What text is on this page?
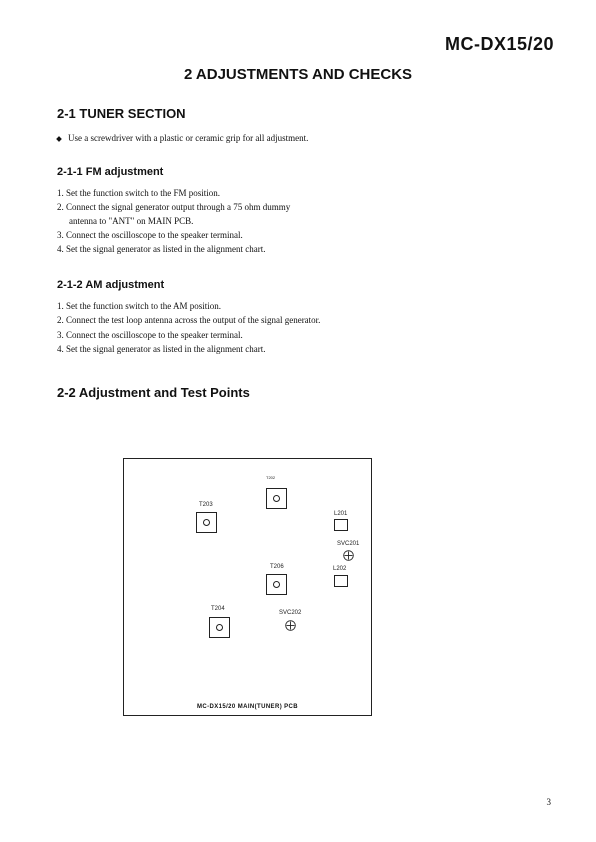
MC-DX15/20
2 ADJUSTMENTS AND CHECKS
2-1 TUNER SECTION
Use a screwdriver with a plastic or ceramic grip for all adjustment.
2-1-1 FM adjustment
1. Set the function switch to the FM position.
2. Connect the signal generator output through a 75 ohm dummy
antenna to "ANT" on MAIN PCB.
3. Connect the oscilloscope to the speaker terminal.
4. Set the signal generator as listed in the alignment chart.
2-1-2 AM adjustment
1. Set the function switch to the AM position.
2. Connect the test loop antenna across the output of the signal generator.
3. Connect the oscilloscope to the speaker terminal.
4. Set the signal generator as listed in the alignment chart.
2-2 Adjustment and Test Points
T202
T203
L201
SVC201
T206	L202
T204
SVC202
MC-DX15/20 MAIN(TUNER) PCB
3
